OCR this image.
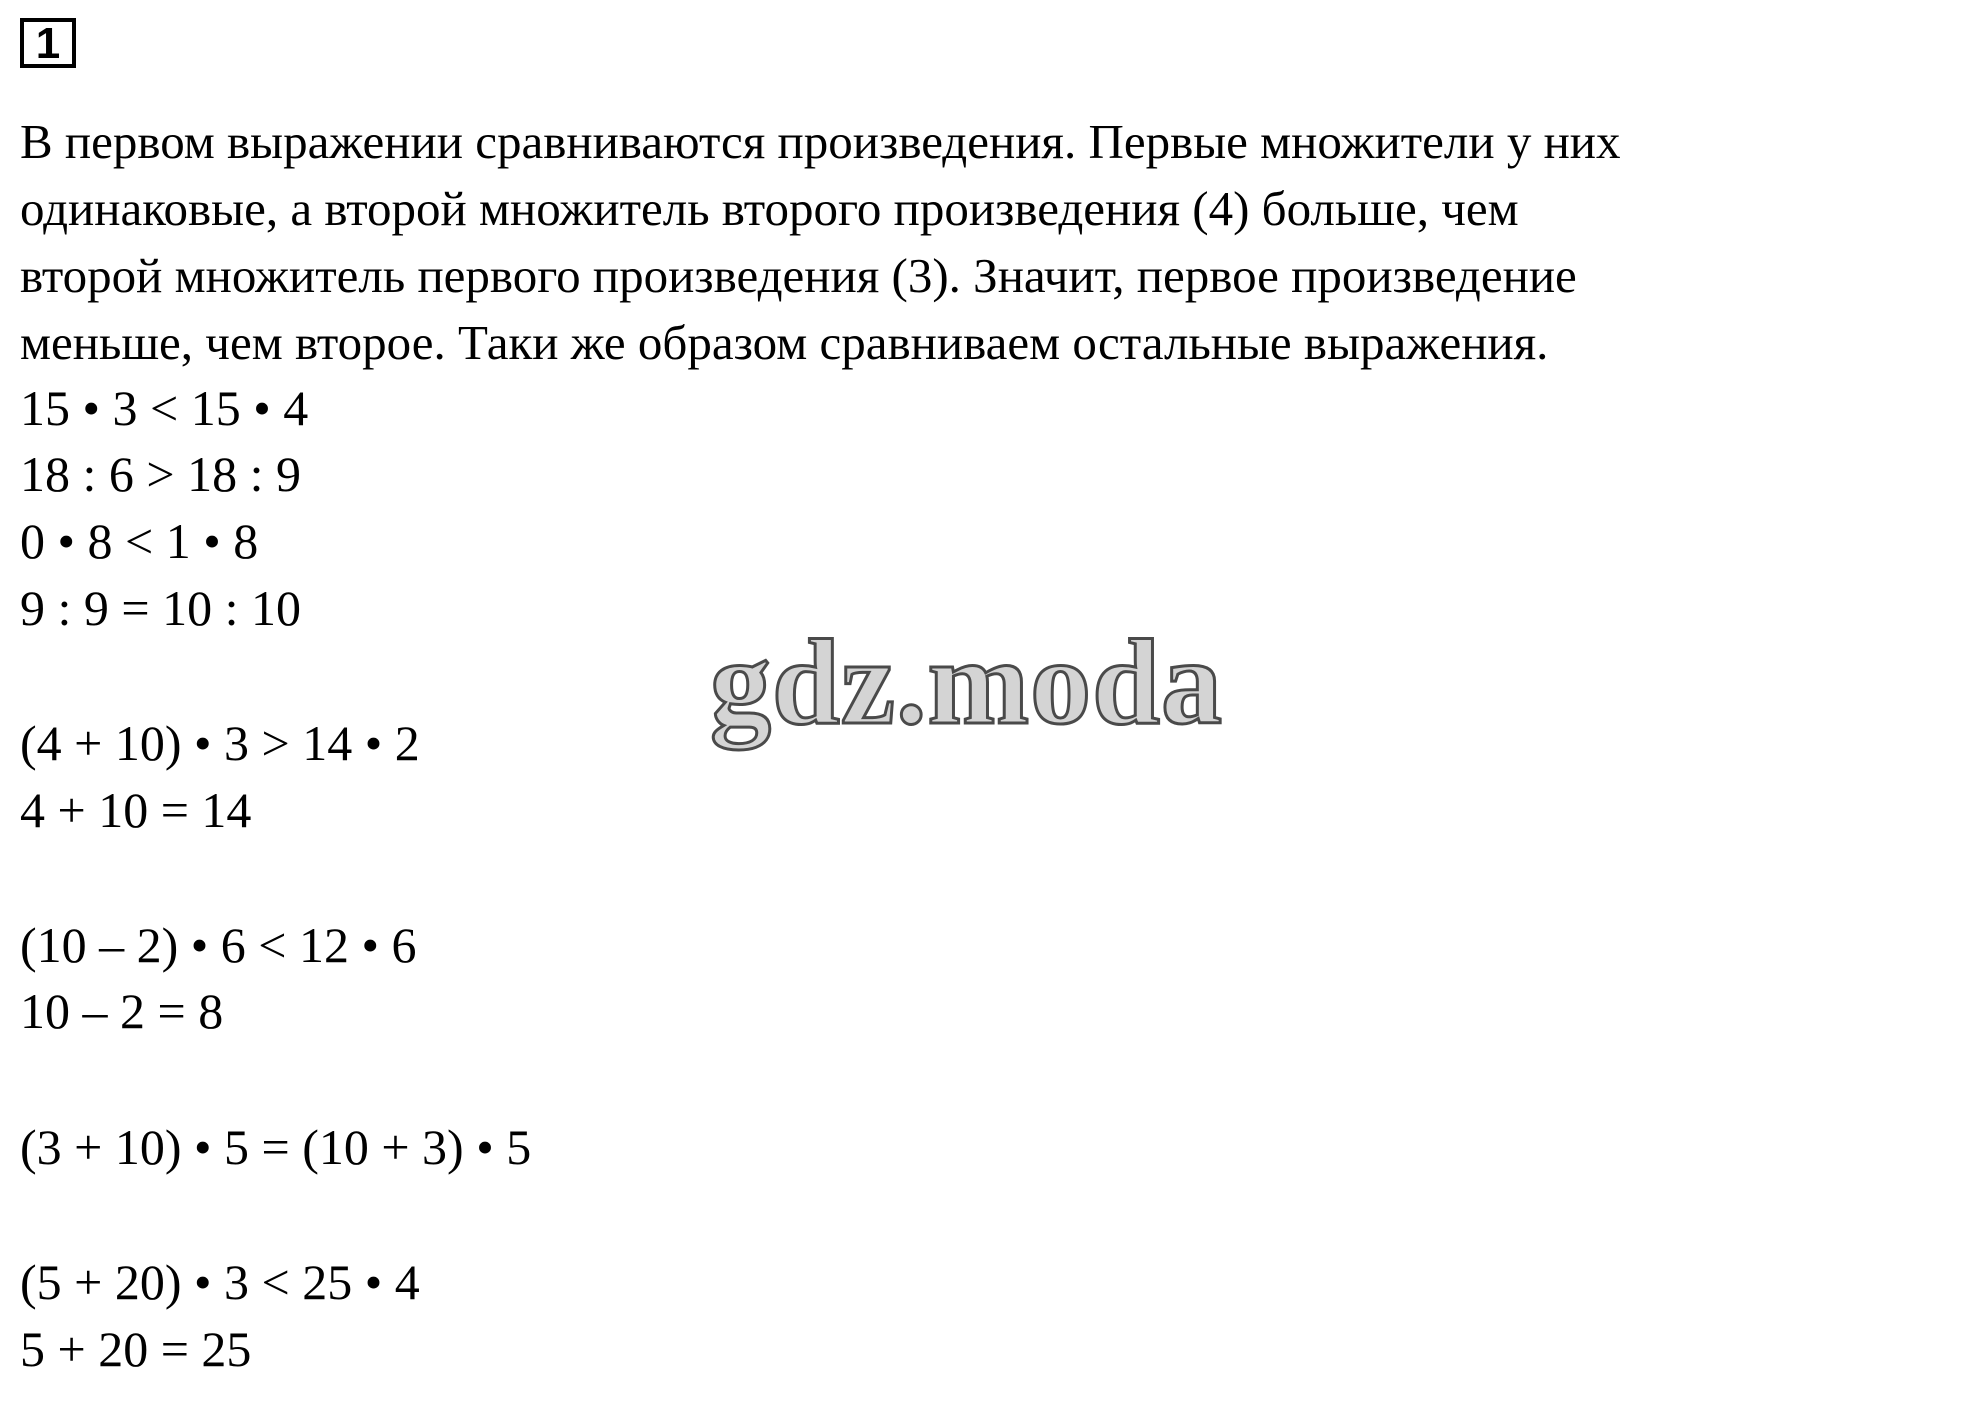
1
В первом выражении сравниваются произведения. Первые множители у них
одинаковые, а второй множитель второго произведения (4) больше, чем
второй множитель первого произведения (3). Значит, первое произведение
меньше, чем второе. Таки же образом сравниваем остальные выражения.
15 • 3 < 15 • 4
18 : 6 > 18 : 9
0 • 8 < 1 • 8
9 : 9 = 10 : 10
(4 + 10) • 3 > 14 • 2
4 + 10 = 14
(10 – 2) • 6 < 12 • 6
10 – 2 = 8
(3 + 10) • 5 = (10 + 3) • 5
(5 + 20) • 3 < 25 • 4
5 + 20 = 25
gdz.moda
